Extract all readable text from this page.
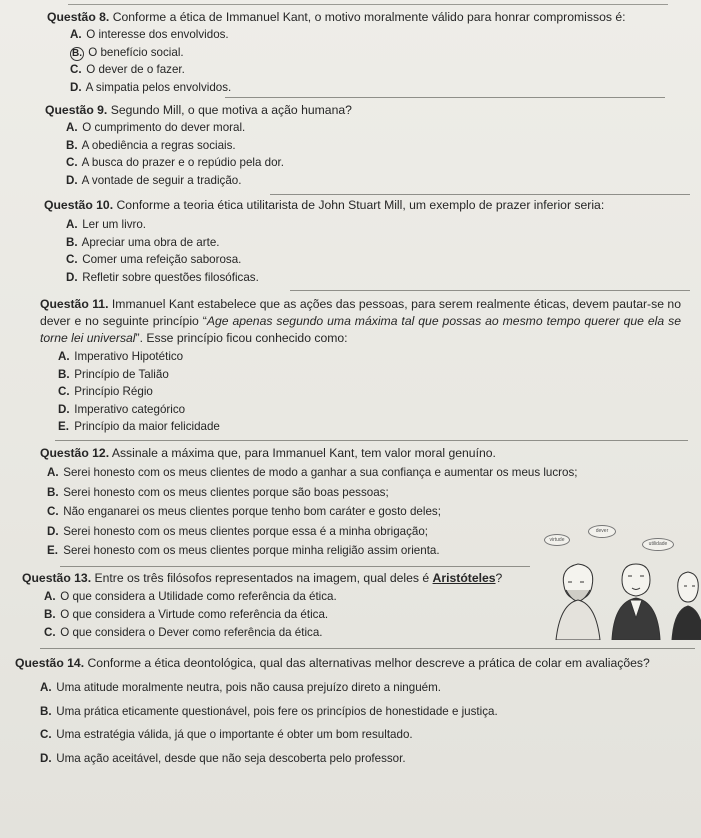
Questão 8. Conforme a ética de Immanuel Kant, o motivo moralmente válido para honrar compromissos é:
A. O interesse dos envolvidos.
B. O benefício social.
C. O dever de o fazer.
D. A simpatia pelos envolvidos.
Questão 9. Segundo Mill, o que motiva a ação humana?
A. O cumprimento do dever moral.
B. A obediência a regras sociais.
C. A busca do prazer e o repúdio pela dor.
D. A vontade de seguir a tradição.
Questão 10. Conforme a teoria ética utilitarista de John Stuart Mill, um exemplo de prazer inferior seria:
A. Ler um livro.
B. Apreciar uma obra de arte.
C. Comer uma refeição saborosa.
D. Refletir sobre questões filosóficas.
Questão 11. Immanuel Kant estabelece que as ações das pessoas, para serem realmente éticas, devem pautar-se no dever e no seguinte princípio “Age apenas segundo uma máxima tal que possas ao mesmo tempo querer que ela se torne lei universal”. Esse princípio ficou conhecido como:
A. Imperativo Hipotético
B. Princípio de Talião
C. Princípio Régio
D. Imperativo categórico
E. Princípio da maior felicidade
Questão 12. Assinale a máxima que, para Immanuel Kant, tem valor moral genuíno.
A. Serei honesto com os meus clientes de modo a ganhar a sua confiança e aumentar os meus lucros;
B. Serei honesto com os meus clientes porque são boas pessoas;
C. Não enganarei os meus clientes porque tenho bom caráter e gosto deles;
D. Serei honesto com os meus clientes porque essa é a minha obrigação;
E. Serei honesto com os meus clientes porque minha religião assim orienta.
Questão 13. Entre os três filósofos representados na imagem, qual deles é Aristóteles?
A. O que considera a Utilidade como referência da ética.
B. O que considera a Virtude como referência da ética.
C. O que considera o Dever como referência da ética.
virtude
dever
utilidade
Questão 14. Conforme a ética deontológica, qual das alternativas melhor descreve a prática de colar em avaliações?
A. Uma atitude moralmente neutra, pois não causa prejuízo direto a ninguém.
B. Uma prática eticamente questionável, pois fere os princípios de honestidade e justiça.
C. Uma estratégia válida, já que o importante é obter um bom resultado.
D. Uma ação aceitável, desde que não seja descoberta pelo professor.
